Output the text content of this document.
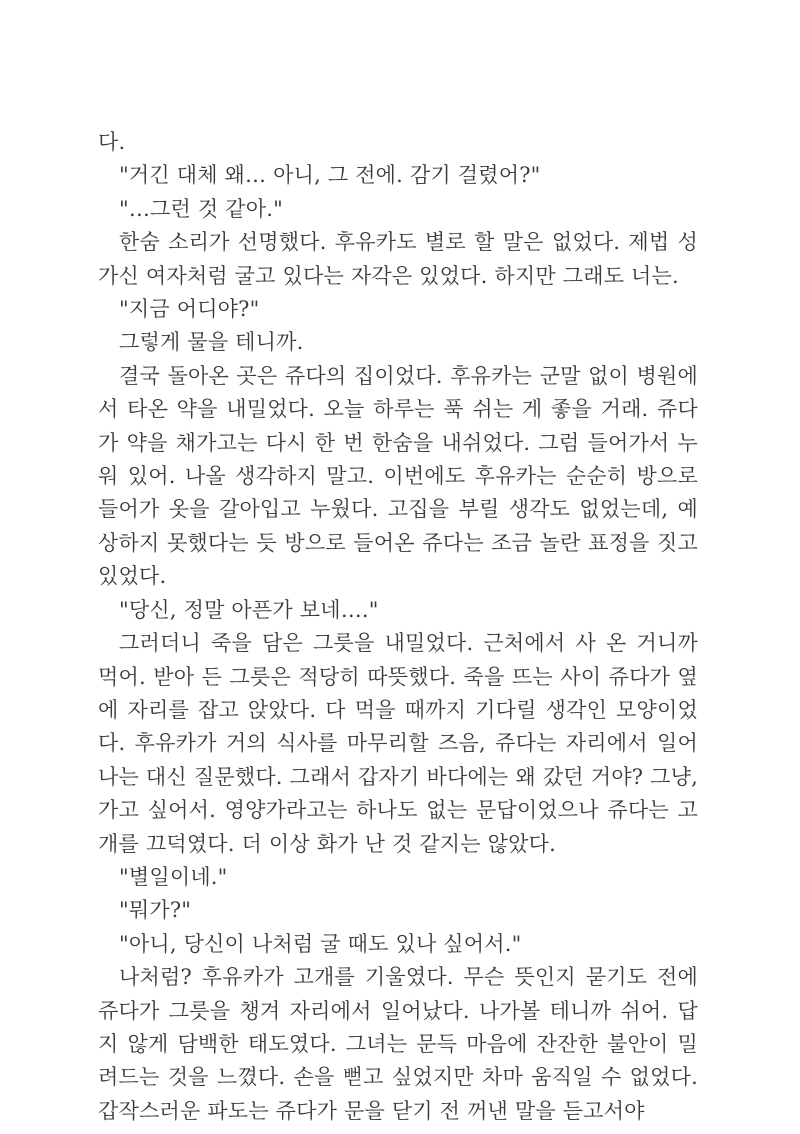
다.

"거긴 대체 왜… 아니, 그 전에. 감기 걸렸어?"

"…그런 것 같아."

한숨 소리가 선명했다. 후유카도 별로 할 말은 없었다. 제법 성가신 여자처럼 굴고 있다는 자각은 있었다. 하지만 그래도 너는.

"지금 어디야?"

그렇게 물을 테니까.

결국 돌아온 곳은 쥬다의 집이었다. 후유카는 군말 없이 병원에서 타온 약을 내밀었다. 오늘 하루는 푹 쉬는 게 좋을 거래. 쥬다가 약을 채가고는 다시 한 번 한숨을 내쉬었다. 그럼 들어가서 누워 있어. 나올 생각하지 말고. 이번에도 후유카는 순순히 방으로 들어가 옷을 갈아입고 누웠다. 고집을 부릴 생각도 없었는데, 예상하지 못했다는 듯 방으로 들어온 쥬다는 조금 놀란 표정을 짓고 있었다.

"당신, 정말 아픈가 보네…."

그러더니 죽을 담은 그릇을 내밀었다. 근처에서 사 온 거니까 먹어. 받아 든 그릇은 적당히 따뜻했다. 죽을 뜨는 사이 쥬다가 옆에 자리를 잡고 앉았다. 다 먹을 때까지 기다릴 생각인 모양이었다. 후유카가 거의 식사를 마무리할 즈음, 쥬다는 자리에서 일어나는 대신 질문했다. 그래서 갑자기 바다에는 왜 갔던 거야? 그냥, 가고 싶어서. 영양가라고는 하나도 없는 문답이었으나 쥬다는 고개를 끄덕였다. 더 이상 화가 난 것 같지는 않았다.

"별일이네."

"뭐가?"

"아니, 당신이 나처럼 굴 때도 있나 싶어서."

나처럼? 후유카가 고개를 기울였다. 무슨 뜻인지 묻기도 전에 쥬다가 그릇을 챙겨 자리에서 일어났다. 나가볼 테니까 쉬어. 답지 않게 담백한 태도였다. 그녀는 문득 마음에 잔잔한 불안이 밀려드는 것을 느꼈다. 손을 뻗고 싶었지만 차마 움직일 수 없었다. 갑작스러운 파도는 쥬다가 문을 닫기 전 꺼낸 말을 듣고서야
